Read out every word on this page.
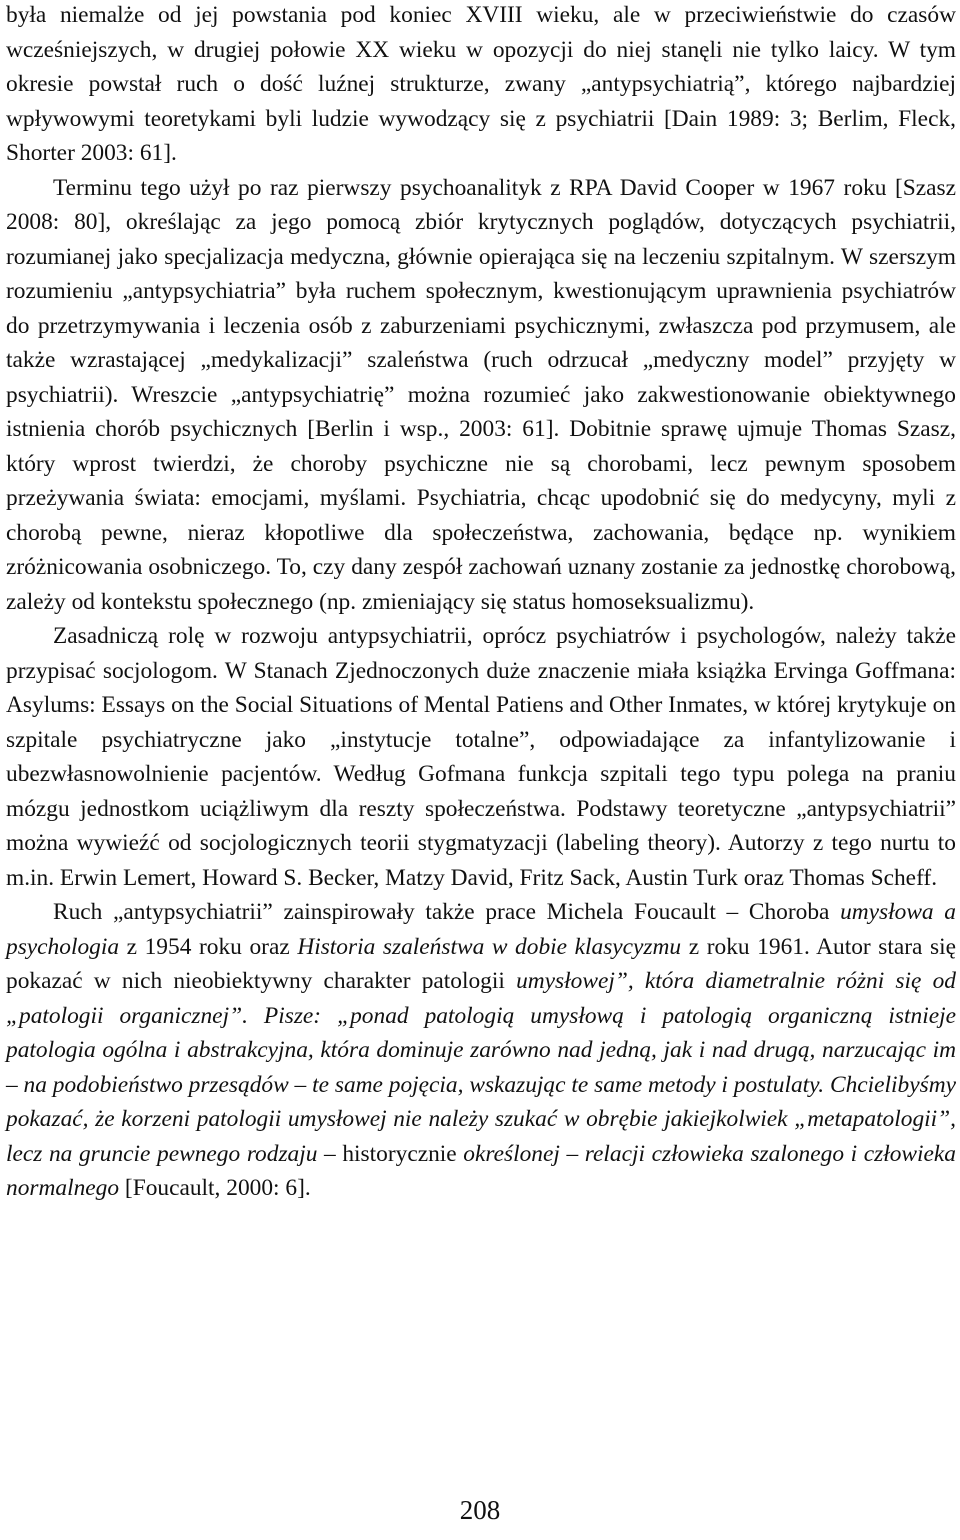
była niemalże od jej powstania pod koniec XVIII wieku, ale w przeciwieństwie do czasów wcześniejszych, w drugiej połowie XX wieku w opozycji do niej stanęli nie tylko laicy. W tym okresie powstał ruch o dość luźnej strukturze, zwany „antypsychiatrią”, którego najbardziej wpływowymi teoretykami byli ludzie wywodzący się z psychiatrii [Dain 1989: 3; Berlim, Fleck, Shorter 2003: 61].

Terminu tego użył po raz pierwszy psychoanalityk z RPA David Cooper w 1967 roku [Szasz 2008: 80], określając za jego pomocą zbiór krytycznych poglądów, dotyczących psychiatrii, rozumianej jako specjalizacja medyczna, głównie opierająca się na leczeniu szpitalnym. W szerszym rozumieniu „antypsychiatria” była ruchem społecznym, kwestionującym uprawnienia psychiatrów do przetrzymywania i leczenia osób z zaburzeniami psychicznymi, zwłaszcza pod przymusem, ale także wzrastającej „medykalizacji” szaleństwa (ruch odrzucał „medyczny model” przyjęty w psychiatrii). Wreszcie „antypsychiatrię” można rozumieć jako zakwestionowanie obiektywnego istnienia chorób psychicznych [Berlin i wsp., 2003: 61]. Dobitnie sprawę ujmuje Thomas Szasz, który wprost twierdzi, że choroby psychiczne nie są chorobami, lecz pewnym sposobem przeżywania świata: emocjami, myślami. Psychiatria, chcąc upodobnić się do medycyny, myli z chorobą pewne, nieraz kłopotliwe dla społeczeństwa, zachowania, będące np. wynikiem zróżnicowania osobniczego. To, czy dany zespół zachowań uznany zostanie za jednostkę chorobową, zależy od kontekstu społecznego (np. zmieniający się status homoseksualizmu).

Zasadniczą rolę w rozwoju antypsychiatrii, oprócz psychiatrów i psychologów, należy także przypisać socjologom. W Stanach Zjednoczonych duże znaczenie miała książka Ervinga Goffmana: Asylums: Essays on the Social Situations of Mental Patiens and Other Inmates, w której krytykuje on szpitale psychiatryczne jako „instytucje totalne”, odpowiadające za infantylizowanie i ubezwłasnowolnienie pacjentów. Według Gofmana funkcja szpitali tego typu polega na praniu mózgu jednostkom uciążliwym dla reszty społeczeństwa. Podstawy teoretyczne „antypsychiatrii” można wywieźć od socjologicznych teorii stygmatyzacji (labeling theory). Autorzy z tego nurtu to m.in. Erwin Lemert, Howard S. Becker, Matzy David, Fritz Sack, Austin Turk oraz Thomas Scheff.

Ruch „antypsychiatrii” zainspirowały także prace Michela Foucault – Choroba umysłowa a psychologia z 1954 roku oraz Historia szaleństwa w dobie klasycyzmu z roku 1961. Autor stara się pokazać w nich nieobiektywny charakter patologii umysłowej”, która diametralnie różni się od „patologii organicznej”. Pisze: „ponad patologią umysłową i patologią organiczną istnieje patologia ogólna i abstrakcyjna, która dominuje zarówno nad jedną, jak i nad drugą, narzucając im – na podobieństwo przesądów – te same pojęcia, wskazując te same metody i postulaty. Chcielibyśmy pokazać, że korzeni patologii umysłowej nie należy szukać w obrębie jakiejkolwiek „metapatologii”, lecz na gruncie pewnego rodzaju – historycznie określonej – relacji człowieka szalonego i człowieka normalnego [Foucault, 2000: 6].

208
